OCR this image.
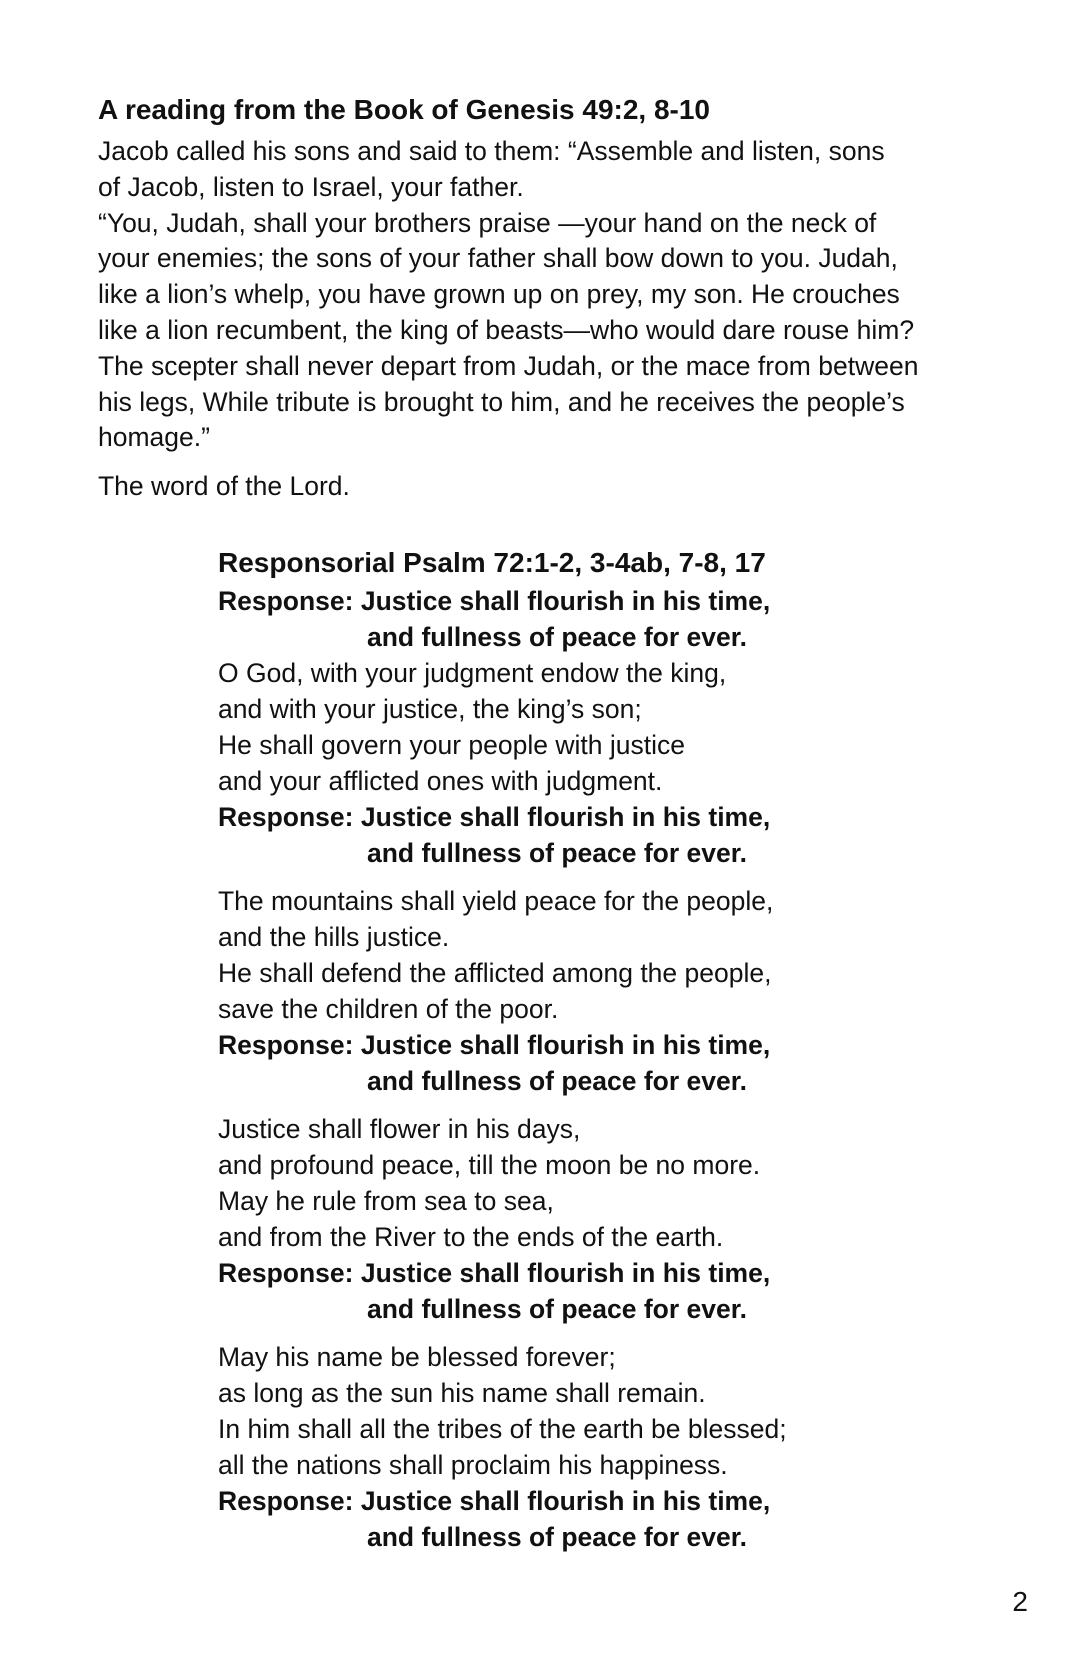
A reading from the Book of Genesis 49:2, 8-10
Jacob called his sons and said to them: “Assemble and listen, sons
of Jacob, listen to Israel, your father.
“You, Judah, shall your brothers praise —your hand on the neck of
your enemies; the sons of your father shall bow down to you. Judah,
like a lion’s whelp, you have grown up on prey, my son. He crouches
like a lion recumbent, the king of beasts—who would dare rouse him?
The scepter shall never depart from Judah, or the mace from between
his legs, While tribute is brought to him, and he receives the people’s
homage.”
The word of the Lord.
Responsorial Psalm 72:1-2, 3-4ab, 7-8, 17
Response: Justice shall flourish in his time,
and fullness of peace for ever.
O God, with your judgment endow the king,
and with your justice, the king’s son;
He shall govern your people with justice
and your afflicted ones with judgment.
Response: Justice shall flourish in his time,
and fullness of peace for ever.
The mountains shall yield peace for the people,
and the hills justice.
He shall defend the afflicted among the people,
save the children of the poor.
Response: Justice shall flourish in his time,
and fullness of peace for ever.
Justice shall flower in his days,
and profound peace, till the moon be no more.
May he rule from sea to sea,
and from the River to the ends of the earth.
Response: Justice shall flourish in his time,
and fullness of peace for ever.
May his name be blessed forever;
as long as the sun his name shall remain.
In him shall all the tribes of the earth be blessed;
all the nations shall proclaim his happiness.
Response: Justice shall flourish in his time,
and fullness of peace for ever.
2
